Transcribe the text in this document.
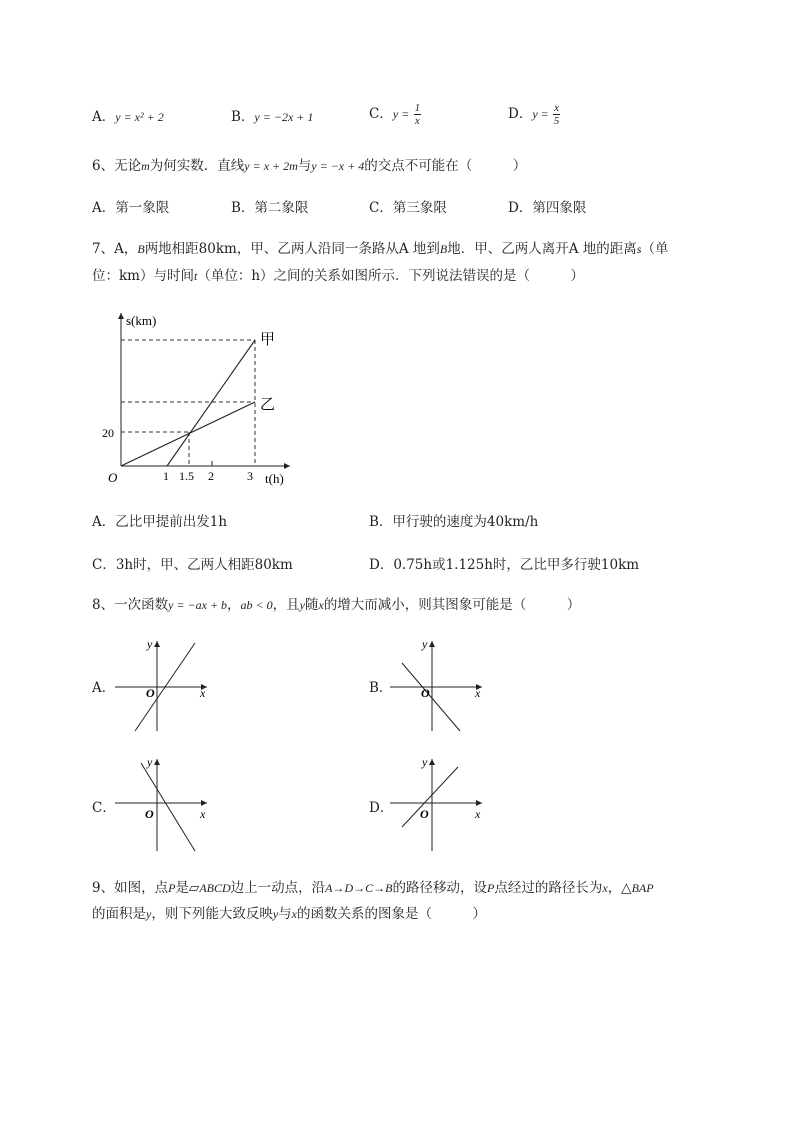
A．y = x² + 2	B．y = −2x + 1	C．$y = \frac{1}{x}$	D．$y = \frac{x}{5}$
6、无论m为何实数．直线y = x + 2m与y = −x + 4的交点不可能在（　　　）
A．第一象限	B．第二象限	C．第三象限	D．第四象限
7、A，B两地相距80km，甲、乙两人沿同一条路从A 地到B地．甲、乙两人离开A 地的距离s（单
位：km）与时间t（单位：h）之间的关系如图所示．下列说法错误的是（　　　）
s(km)
t(h)
O
20
1 1.5 2	3
甲
乙
A．乙比甲提前出发1h	B．甲行驶的速度为40km/h
C．3h时，甲、乙两人相距80km	D．0.75h或1.125h时，乙比甲多行驶10km
8、一次函数y = −ax + b，ab < 0，且y随x的增大而减小，则其图象可能是（　　　）
A．	B．
C．	D．
y
x
O
y
x
O
y
x
O
y
x
O
9、如图，点P是▱ABCD边上一动点，沿A→D→C→B的路径移动，设P点经过的路径长为x，△BAP
的面积是y，则下列能大致反映y与x的函数关系的图象是（　　　）
